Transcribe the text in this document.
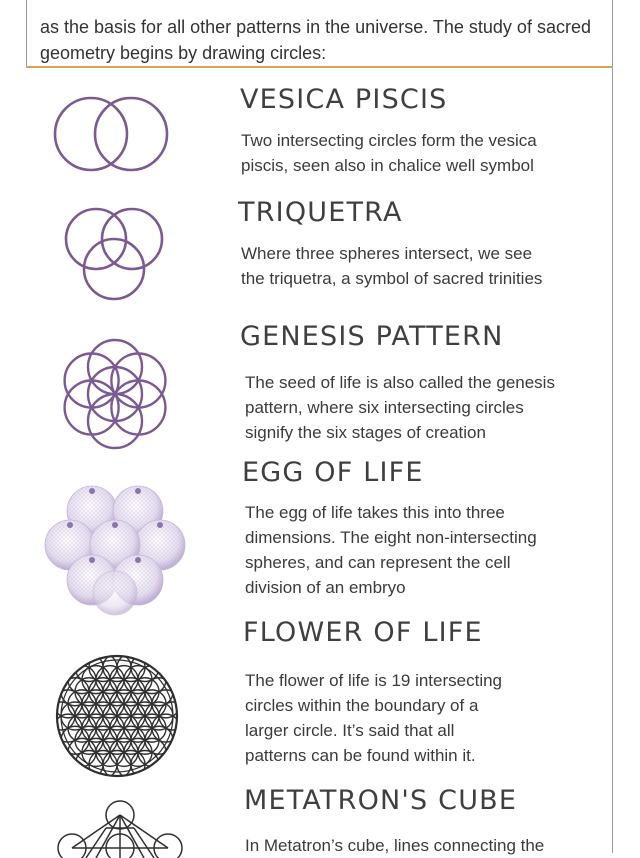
as the basis for all other patterns in the universe. The study of sacred
geometry begins by drawing circles:
VESICA PISCIS
Two intersecting circles form the vesica
piscis, seen also in chalice well symbol
TRIQUETRA
Where three spheres intersect, we see
the triquetra, a symbol of sacred trinities
GENESIS PATTERN
The seed of life is also called the genesis
pattern, where six intersecting circles
signify the six stages of creation
EGG OF LIFE
The egg of life takes this into three
dimensions. The eight non-intersecting
spheres, and can represent the cell
division of an embryo
FLOWER OF LIFE
The flower of life is 19 intersecting
circles within the boundary of a
larger circle. It’s said that all
patterns can be found within it.
METATRON'S CUBE
In Metatron’s cube, lines connecting the
